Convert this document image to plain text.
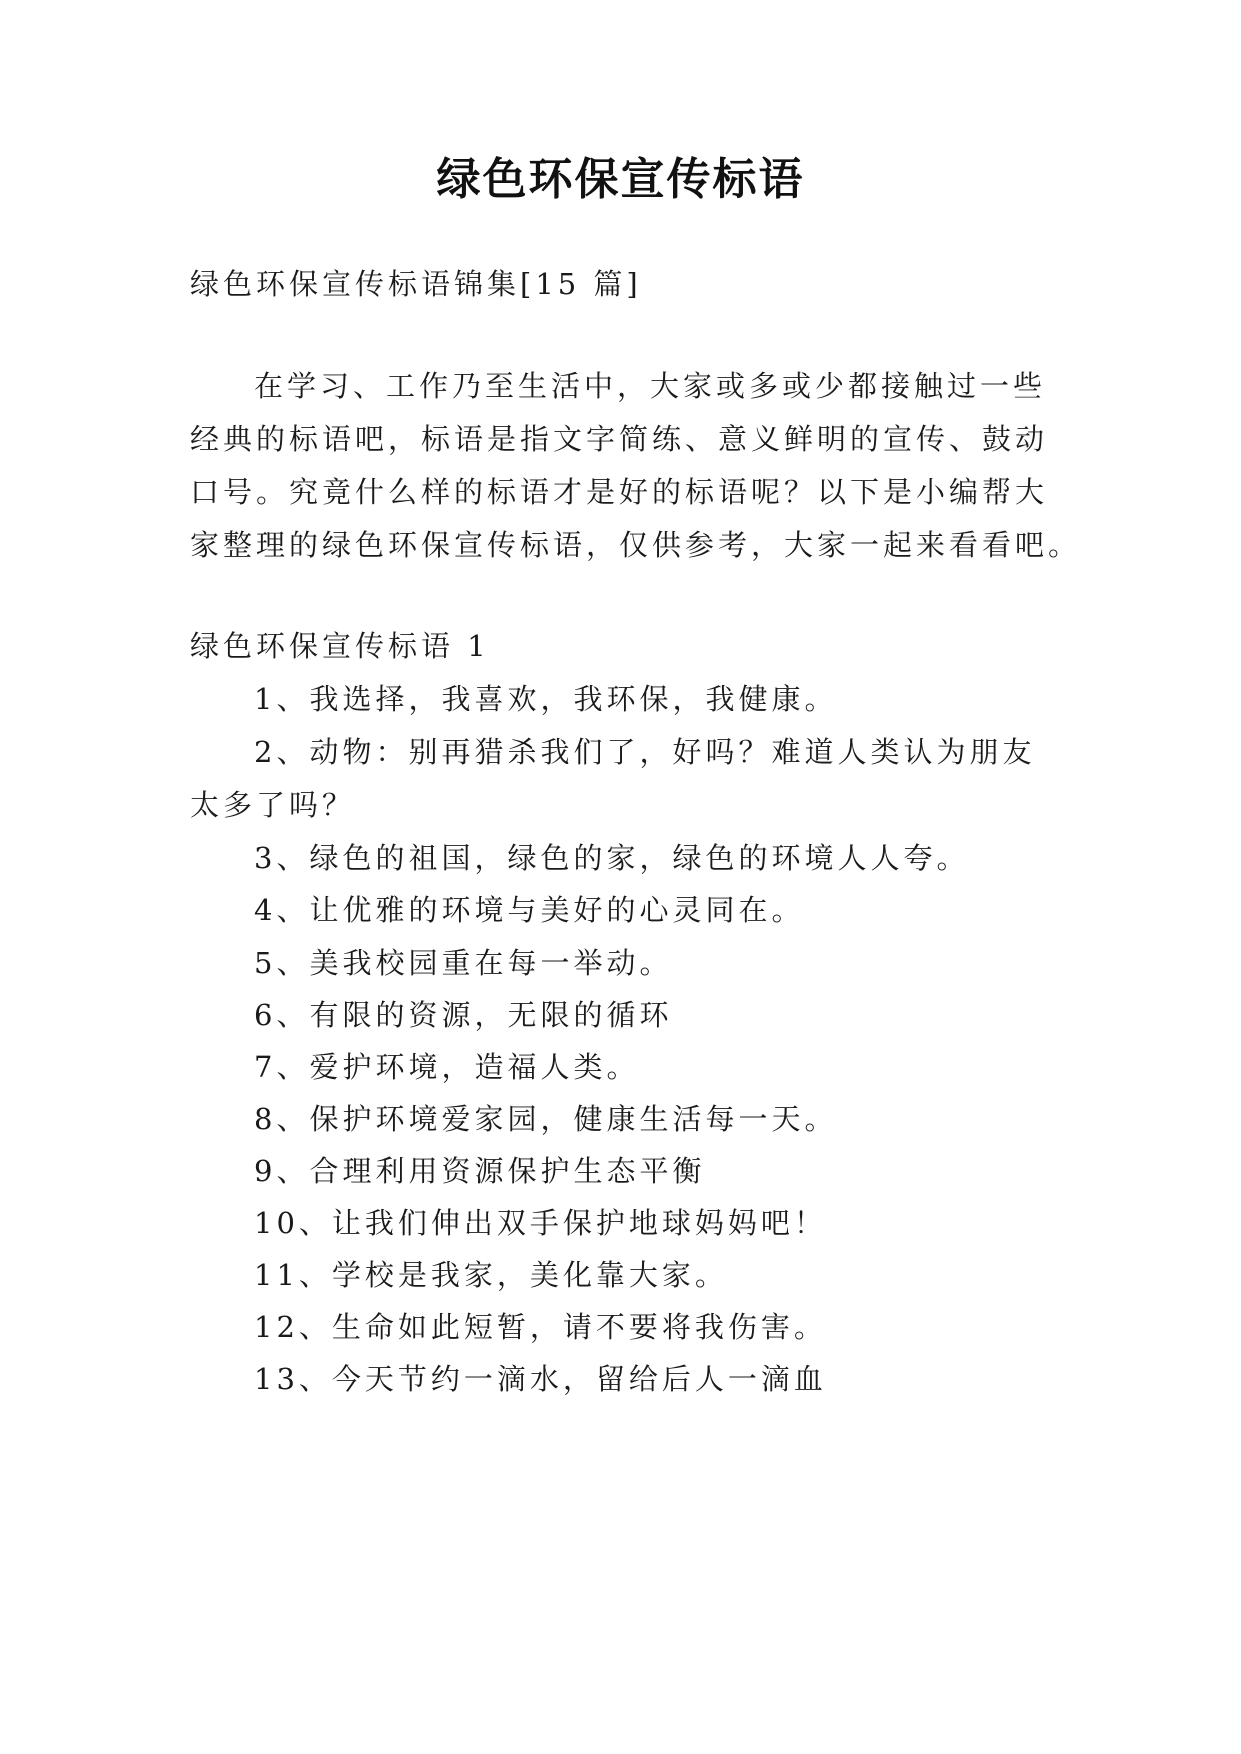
绿色环保宣传标语

绿色环保宣传标语锦集[15 篇]

在学习、工作乃至生活中，大家或多或少都接触过一些

经典的标语吧，标语是指文字简练、意义鲜明的宣传、鼓动

口号。究竟什么样的标语才是好的标语呢？以下是小编帮大

家整理的绿色环保宣传标语，仅供参考，大家一起来看看吧。

绿色环保宣传标语 1

1、我选择，我喜欢，我环保，我健康。

2、动物：别再猎杀我们了，好吗？难道人类认为朋友

太多了吗？

3、绿色的祖国，绿色的家，绿色的环境人人夸。

4、让优雅的环境与美好的心灵同在。

5、美我校园重在每一举动。

6、有限的资源，无限的循环

7、爱护环境，造福人类。

8、保护环境爱家园，健康生活每一天。

9、合理利用资源保护生态平衡

10、让我们伸出双手保护地球妈妈吧！

11、学校是我家，美化靠大家。

12、生命如此短暂，请不要将我伤害。

13、今天节约一滴水，留给后人一滴血
